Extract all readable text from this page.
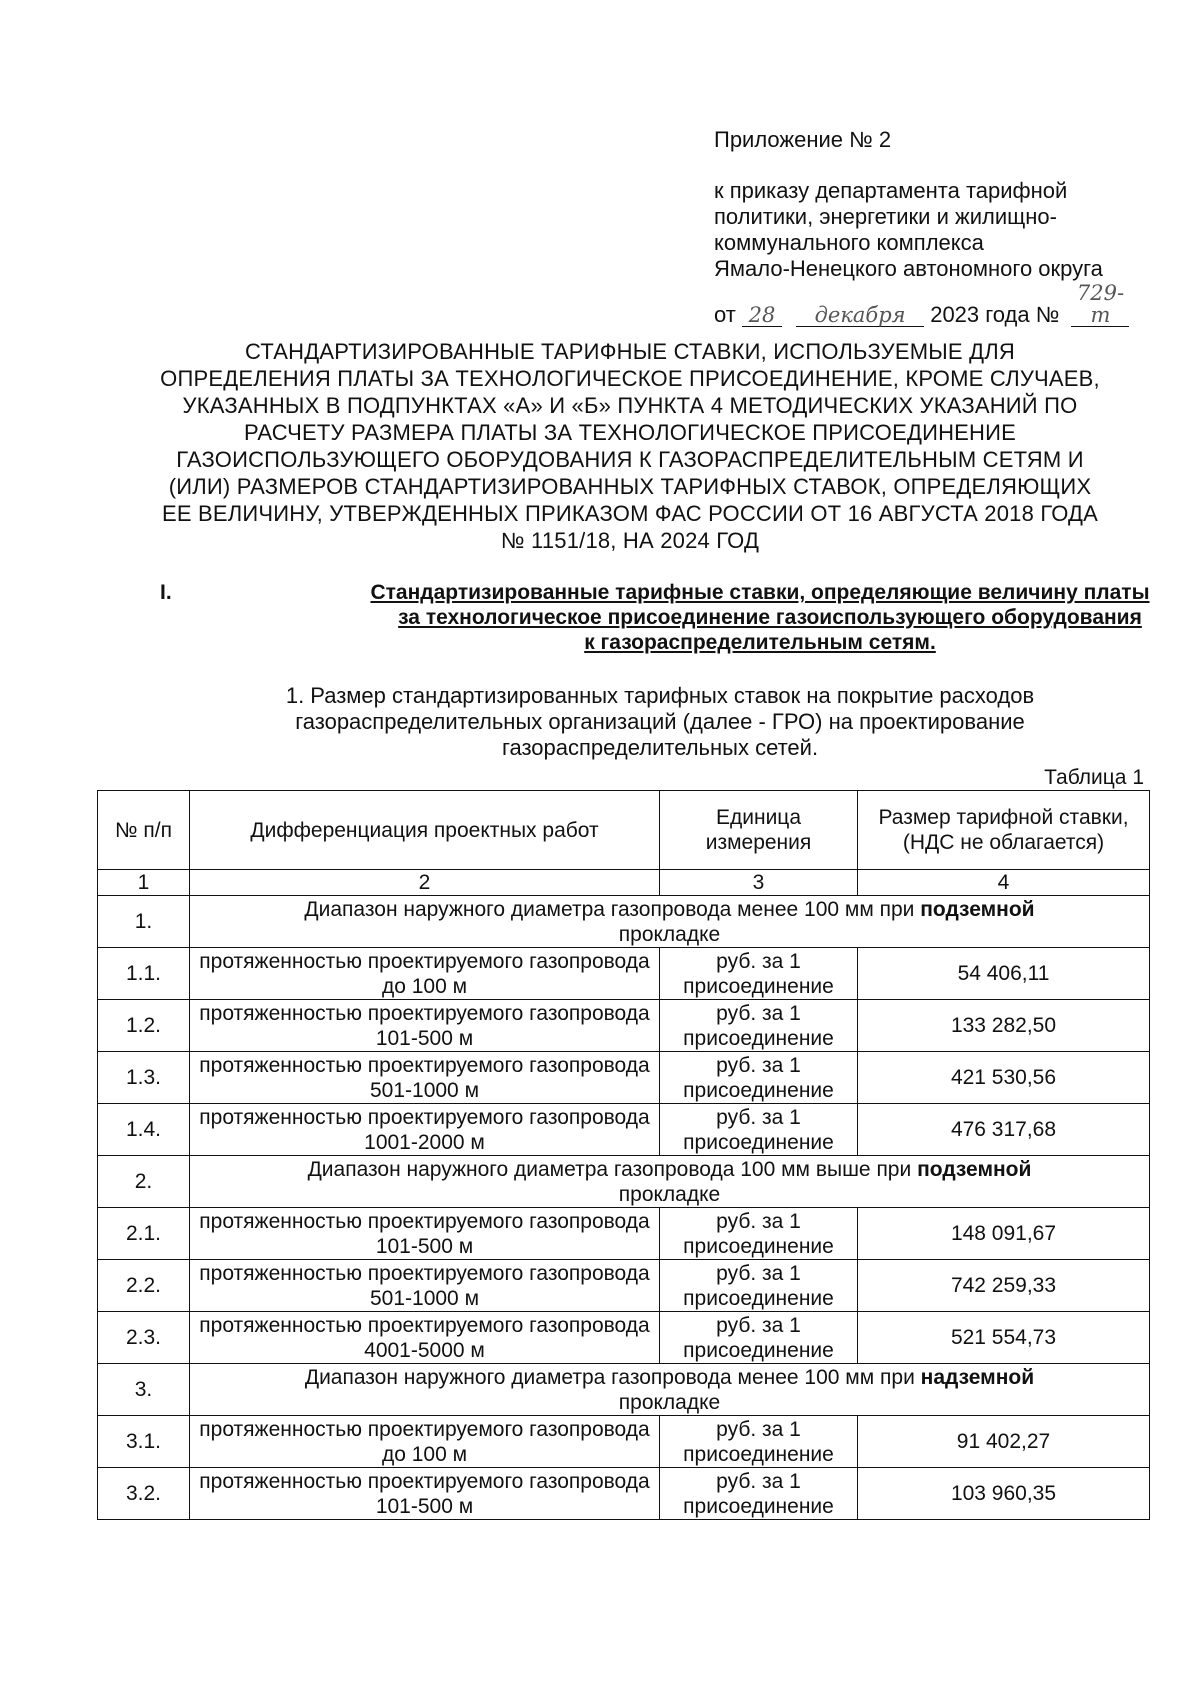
Приложение № 2
к приказу департамента тарифной
политики, энергетики и жилищно-
коммунального комплекса
Ямало-Ненецкого автономного округа
от 28 декабря 2023 года № 729-т
СТАНДАРТИЗИРОВАННЫЕ ТАРИФНЫЕ СТАВКИ, ИСПОЛЬЗУЕМЫЕ ДЛЯ
ОПРЕДЕЛЕНИЯ ПЛАТЫ ЗА ТЕХНОЛОГИЧЕСКОЕ ПРИСОЕДИНЕНИЕ, КРОМЕ СЛУЧАЕВ,
УКАЗАННЫХ В ПОДПУНКТАХ «А» И «Б» ПУНКТА 4 МЕТОДИЧЕСКИХ УКАЗАНИЙ ПО
РАСЧЕТУ РАЗМЕРА ПЛАТЫ ЗА ТЕХНОЛОГИЧЕСКОЕ ПРИСОЕДИНЕНИЕ
ГАЗОИСПОЛЬЗУЮЩЕГО ОБОРУДОВАНИЯ К ГАЗОРАСПРЕДЕЛИТЕЛЬНЫМ СЕТЯМ И
(ИЛИ) РАЗМЕРОВ СТАНДАРТИЗИРОВАННЫХ ТАРИФНЫХ СТАВОК, ОПРЕДЕЛЯЮЩИХ
ЕЕ ВЕЛИЧИНУ, УТВЕРЖДЕННЫХ ПРИКАЗОМ ФАС РОССИИ ОТ 16 АВГУСТА 2018 ГОДА
№ 1151/18, НА 2024 ГОД
I.	Стандартизированные тарифные ставки, определяющие величину платы
за технологическое присоединение газоиспользующего оборудования
к газораспределительным сетям.
1. Размер стандартизированных тарифных ставок на покрытие расходов
газораспределительных организаций (далее - ГРО) на проектирование
газораспределительных сетей.
Таблица 1
№ п/п	Дифференциация проектных работ	Единица измерения	Размер тарифной ставки, (НДС не облагается)
1	2	3	4
1.	Диапазон наружного диаметра газопровода менее 100 мм при подземной
прокладке		
1.1.	протяженностью проектируемого газопровода до 100 м	руб. за 1 присоединение	54 406,11
1.2.	протяженностью проектируемого газопровода 101-500 м	руб. за 1 присоединение	133 282,50
1.3.	протяженностью проектируемого газопровода 501-1000 м	руб. за 1 присоединение	421 530,56
1.4.	протяженностью проектируемого газопровода 1001-2000 м	руб. за 1 присоединение	476 317,68
2.	Диапазон наружного диаметра газопровода 100 мм выше при подземной
прокладке		
2.1.	протяженностью проектируемого газопровода 101-500 м	руб. за 1 присоединение	148 091,67
2.2.	протяженностью проектируемого газопровода 501-1000 м	руб. за 1 присоединение	742 259,33
2.3.	протяженностью проектируемого газопровода 4001-5000 м	руб. за 1 присоединение	521 554,73
3.	Диапазон наружного диаметра газопровода менее 100 мм при надземной
прокладке		
3.1.	протяженностью проектируемого газопровода до 100 м	руб. за 1 присоединение	91 402,27
3.2.	протяженностью проектируемого газопровода 101-500 м	руб. за 1 присоединение	103 960,35
